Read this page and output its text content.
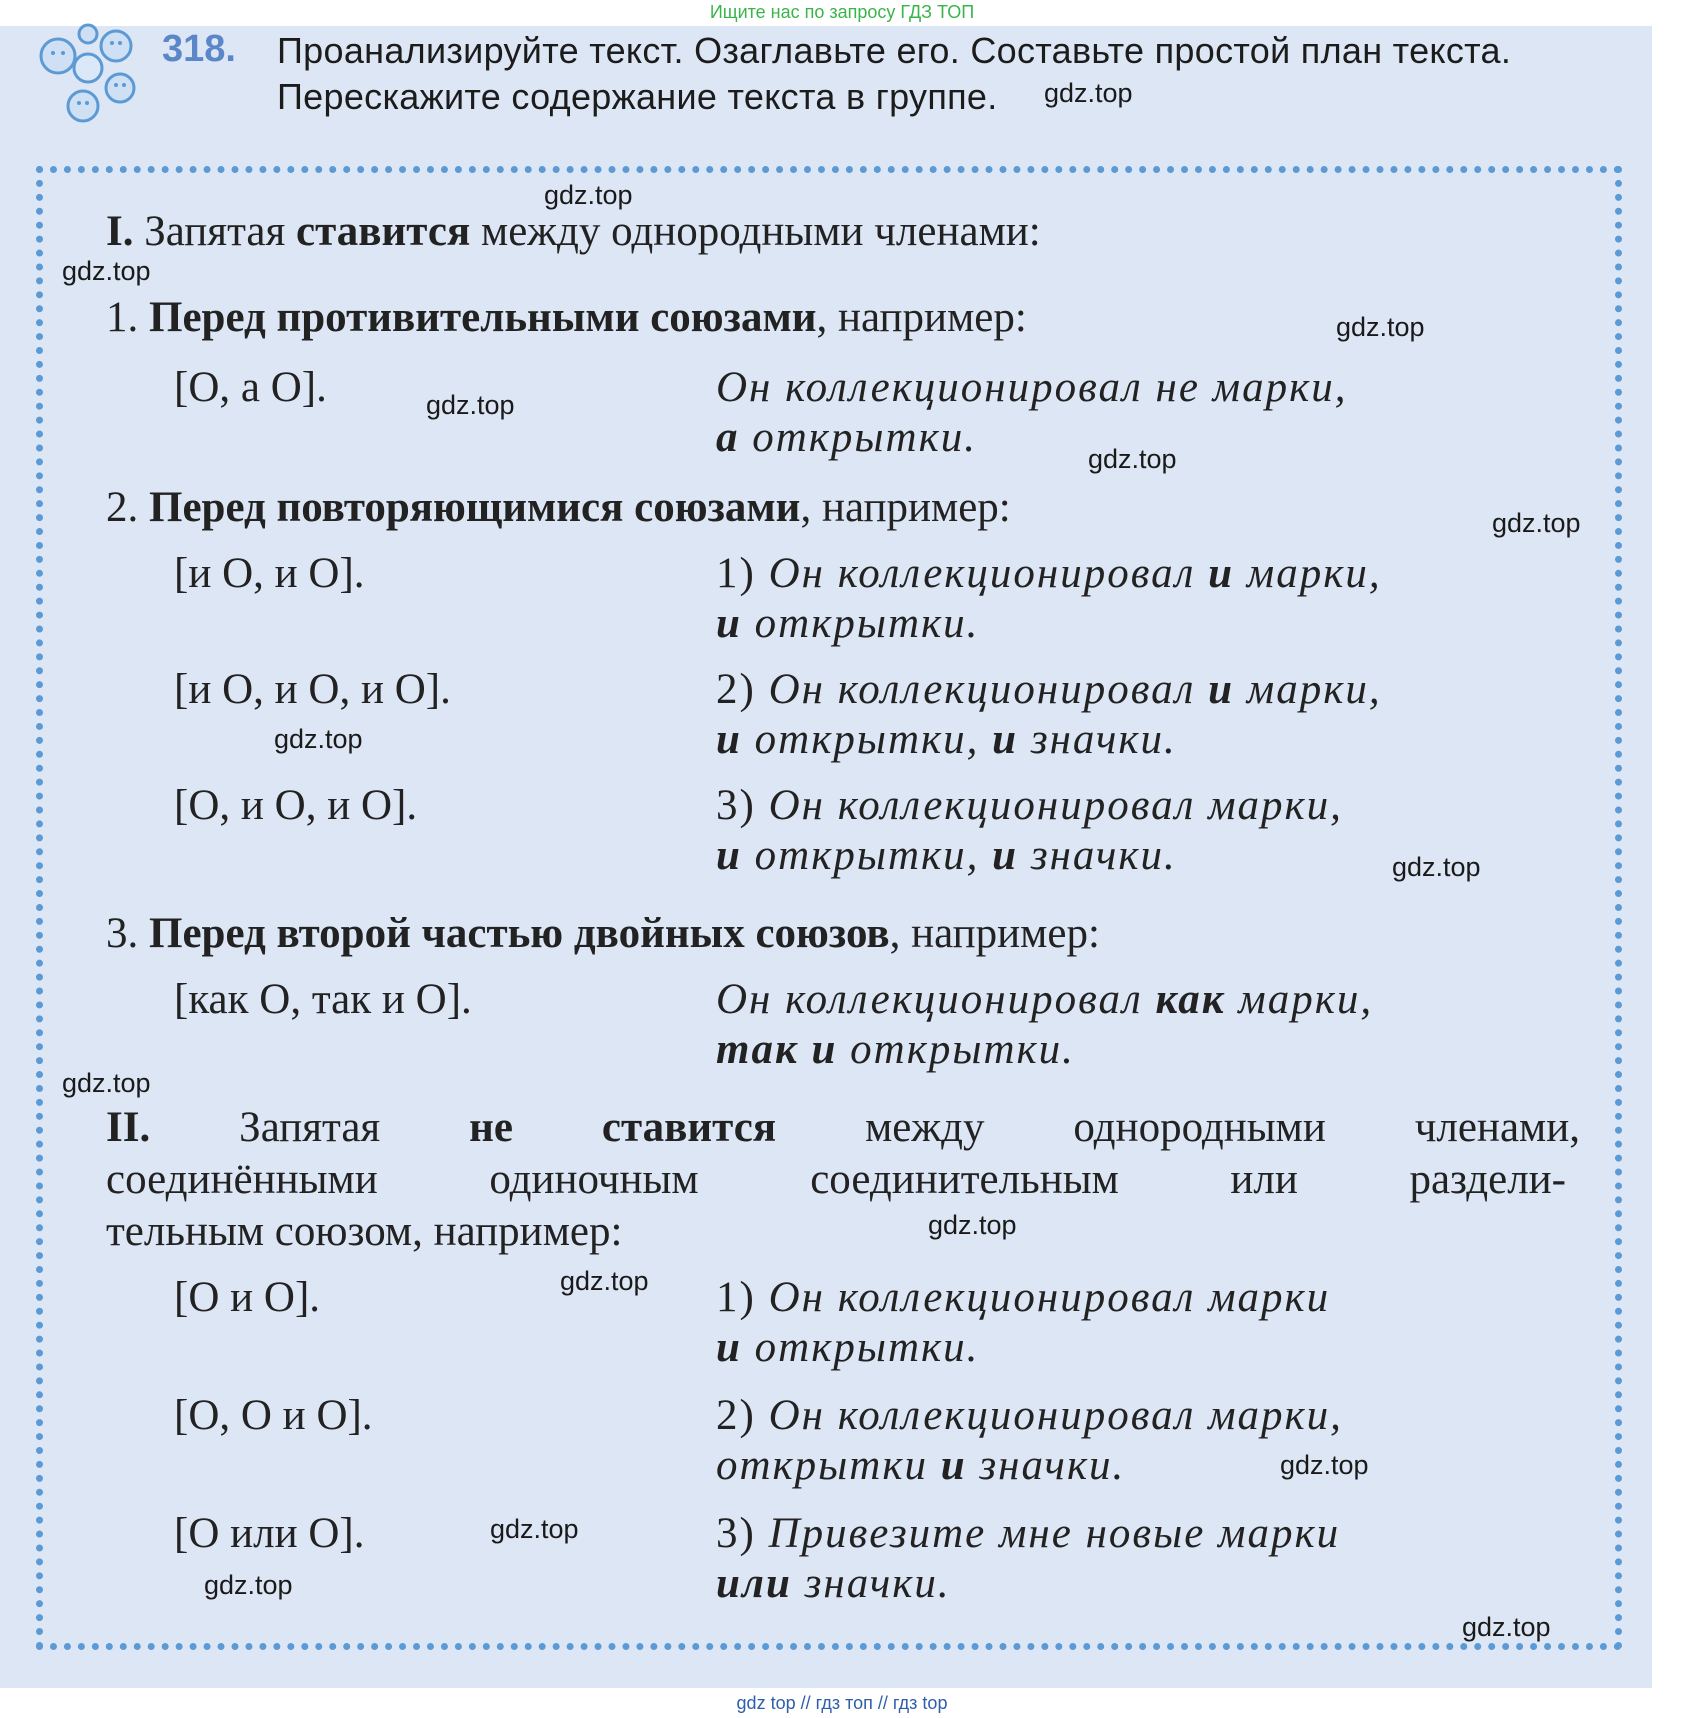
Ищите нас по запросу ГДЗ ТОП
318. Проанализируйте текст. Озаглавьте его. Составьте простой план текста.
Перескажите содержание текста в группе.
I. Запятая ставится между однородными членами:
1. Перед противительными союзами, например:
[О, а О].	Он коллекционировал не марки,
а открытки.
2. Перед повторяющимися союзами, например:
[и О, и О].	1) Он коллекционировал и марки,
и открытки.
[и О, и О, и О].	2) Он коллекционировал и марки,
и открытки, и значки.
[О, и О, и О].	3) Он коллекционировал марки,
и открытки, и значки.
3. Перед второй частью двойных союзов, например:
[как О, так и О].	Он коллекционировал как марки,
так и открытки.
II. Запятая не ставится между однородными членами,
соединёнными одиночным соединительным или раздели-
тельным союзом, например:
[О и О].	1) Он коллекционировал марки
и открытки.
[О, О и О].	2) Он коллекционировал марки,
открытки и значки.
[О или О].	3) Привезите мне новые марки
или значки.
gdz.top
gdz.top
gdz.top
gdz.top
gdz.top
gdz.top
gdz.top
gdz.top
gdz.top
gdz.top
gdz.top
gdz.top
gdz.top
gdz.top
gdz.top
gdz.top
gdz top // гдз топ // гдз top
